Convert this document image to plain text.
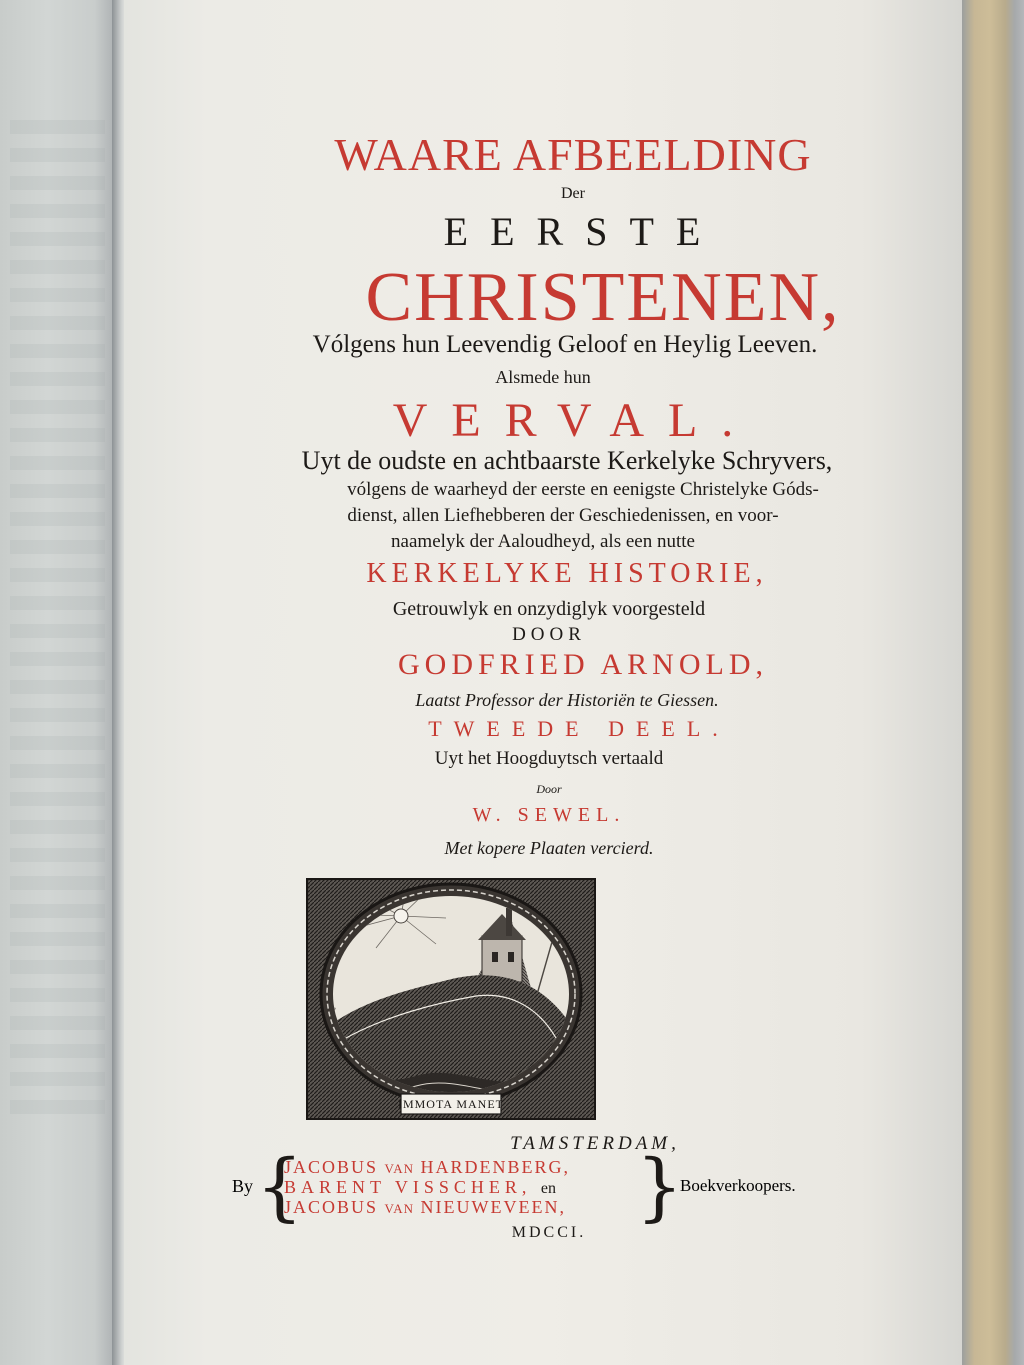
WAARE AFBEELDING
Der
EERSTE
CHRISTENEN,
Vólgens hun Leevendig Geloof en Heylig Leeven.
Alsmede hun
VERVAL.
Uyt de oudste en achtbaarste Kerkelyke Schryvers,
vólgens de waarheyd der eerste en eenigste Christelyke Góds-
dienst, allen Liefhebberen der Geschiedenissen, en voor-
naamelyk der Aaloudheyd, als een nutte
KERKELYKE HISTORIE,
Getrouwlyk en onzydiglyk voorgesteld
DOOR
GODFRIED ARNOLD,
Laatst Professor der Historiën te Giessen.
TWEEDE DEEL.
Uyt het Hoogduytsch vertaald
Door
W. SEWEL.
Met kopere Plaaten vercierd.
TAMSTERDAM,
MDCCI.
IMMOTA MANET
By {
JACOBUS VAN HARDENBERG,
BARENT VISSCHER, en
JACOBUS VAN NIEUWEVEEN, }
Boekverkoopers.
